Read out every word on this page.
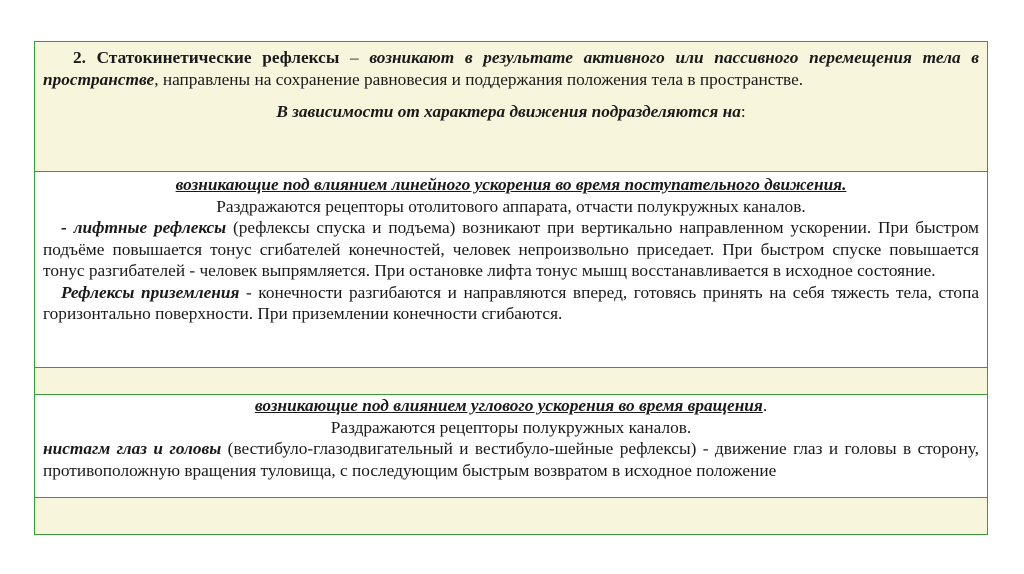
2. Статокинетические рефлексы – возникают в результате активного или пассивного перемещения тела в пространстве, направлены на сохранение равновесия и поддержания положения тела в пространстве.

В зависимости от характера движения подразделяются на:

возникающие под влиянием линейного ускорения во время поступательного движения.

Раздражаются рецепторы отолитового аппарата, отчасти полукружных каналов.

- лифтные рефлексы (рефлексы спуска и подъема) возникают при вертикально направленном ускорении. При быстром подъёме повышается тонус сгибателей конечностей, человек непроизвольно приседает. При быстром спуске повышается тонус разгибателей - человек выпрямляется. При остановке лифта тонус мышц восстанавливается в исходное состояние.

Рефлексы приземления - конечности разгибаются и направляются вперед, готовясь принять на себя тяжесть тела, стопа горизонтально поверхности. При приземлении конечности сгибаются.

возникающие под влиянием углового ускорения во время вращения.

Раздражаются рецепторы полукружных каналов.

нистагм глаз и головы (вестибуло-глазодвигательный и вестибуло-шейные рефлексы) - движение глаз и головы в сторону, противоположную вращения туловища, с последующим быстрым возвратом в исходное положение
